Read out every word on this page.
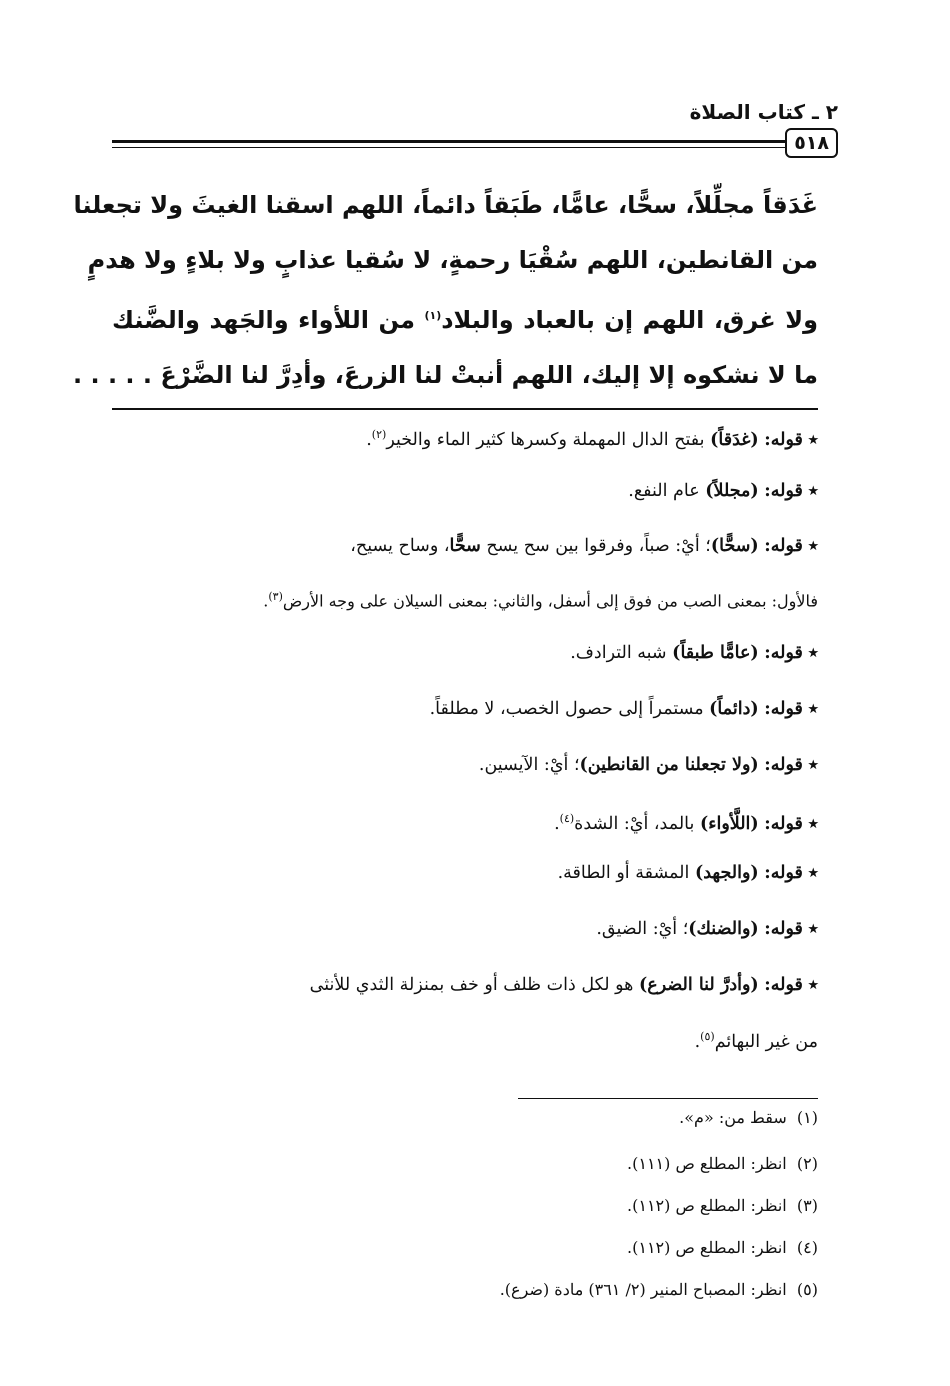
٢ ـ كتاب الصلاة
٥١٨
غَدَقاً مجلِّلاً، سحًّا، عامًّا، طَبَقاً دائماً، اللهم اسقنا الغيثَ ولا تجعلنا
من القانطين، اللهم سُقْيَا رحمةٍ، لا سُقيا عذابٍ ولا بلاءٍ ولا هدمٍ
ولا غرق، اللهم إن بالعباد والبلاد$^{(١)}$ من اللأواء والجَهد والضَّنك
ما لا نشكوه إلا إليك، اللهم أنبتْ لنا الزرعَ، وأدِرَّ لنا الضَّرْعَ . . . . .
٭ قوله: (غدَقاً) بفتح الدال المهملة وكسرها كثير الماء والخير$^{(٢)}$.
٭ قوله: (مجللاً) عام النفع.
٭ قوله: (سحًّا)؛ أيْ: صباً، وفرقوا بين سح يسح سحًّا، وساح يسيح،
فالأول: بمعنى الصب من فوق إلى أسفل، والثاني: بمعنى السيلان على وجه الأرض$^{(٣)}$.
٭ قوله: (عامًّا طبقاً) شبه الترادف.
٭ قوله: (دائماً) مستمراً إلى حصول الخصب، لا مطلقاً.
٭ قوله: (ولا تجعلنا من القانطين)؛ أيْ: الآيسين.
٭ قوله: (اللَّأواء) بالمد، أيْ: الشدة$^{(٤)}$.
٭ قوله: (والجهد) المشقة أو الطاقة.
٭ قوله: (والضنك)؛ أيْ: الضيق.
٭ قوله: (وأدرَّ لنا الضرع) هو لكل ذات ظلف أو خف بمنزلة الثدي للأنثى
من غير البهائم$^{(٥)}$.
(١)  سقط من: «م».
(٢)  انظر: المطلع ص (١١١).
(٣)  انظر: المطلع ص (١١٢).
(٤)  انظر: المطلع ص (١١٢).
(٥)  انظر: المصباح المنير (٢/ ٣٦١) مادة (ضرع).
